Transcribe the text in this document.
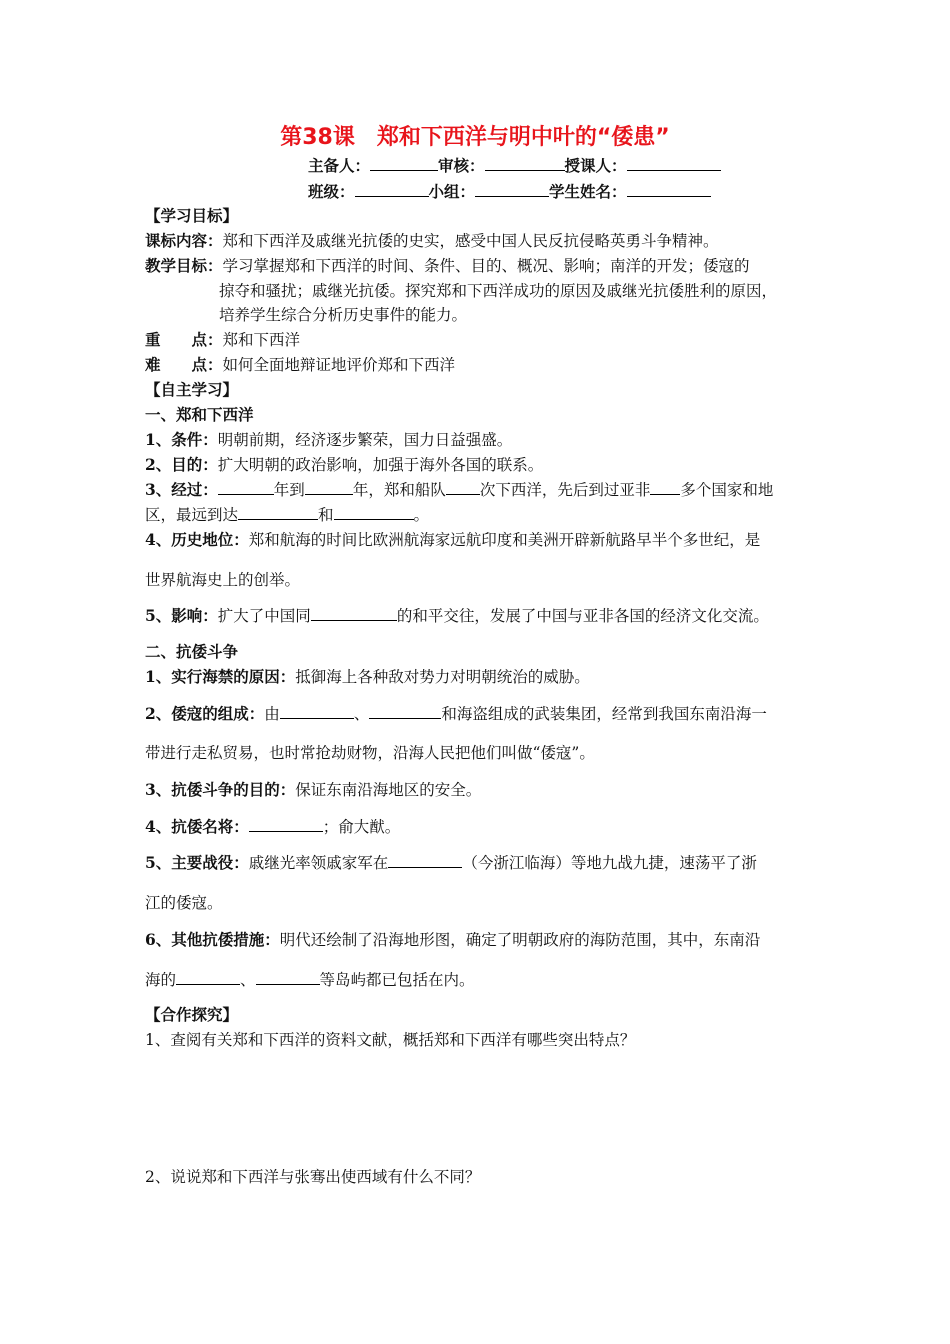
第38课　郑和下西洋与明中叶的“倭患”
主备人：	审核：	授课人：
班级：	小组：	学生姓名：
【学习目标】
课标内容：郑和下西洋及戚继光抗倭的史实，感受中国人民反抗侵略英勇斗争精神。
教学目标：学习掌握郑和下西洋的时间、条件、目的、概况、影响；南洋的开发；倭寇的
掠夺和骚扰；戚继光抗倭。探究郑和下西洋成功的原因及戚继光抗倭胜利的原因，
培养学生综合分析历史事件的能力。
重　　点：郑和下西洋
难　　点：如何全面地辩证地评价郑和下西洋
【自主学习】
一、郑和下西洋
1、条件：明朝前期，经济逐步繁荣，国力日益强盛。
2、目的：扩大明朝的政治影响，加强于海外各国的联系。
3、经过：	年到	年，郑和船队 次下西洋，先后到过亚非 多个国家和地
区，最远到达	和	。
4、历史地位：郑和航海的时间比欧洲航海家远航印度和美洲开辟新航路早半个多世纪，是
世界航海史上的创举。
5、影响：扩大了中国同	的和平交往，发展了中国与亚非各国的经济文化交流。
二、抗倭斗争
1、实行海禁的原因：抵御海上各种敌对势力对明朝统治的威胁。
2、倭寇的组成：由	、	和海盗组成的武装集团，经常到我国东南沿海一
带进行走私贸易，也时常抢劫财物，沿海人民把他们叫做“倭寇”。
3、抗倭斗争的目的：保证东南沿海地区的安全。
4、抗倭名将：	；俞大猷。
5、主要战役：戚继光率领戚家军在	（今浙江临海）等地九战九捷，速荡平了浙
江的倭寇。
6、其他抗倭措施：明代还绘制了沿海地形图，确定了明朝政府的海防范围，其中，东南沿
海的	、	等岛屿都已包括在内。
【合作探究】
1、查阅有关郑和下西洋的资料文献，概括郑和下西洋有哪些突出特点？
2、说说郑和下西洋与张骞出使西域有什么不同？
